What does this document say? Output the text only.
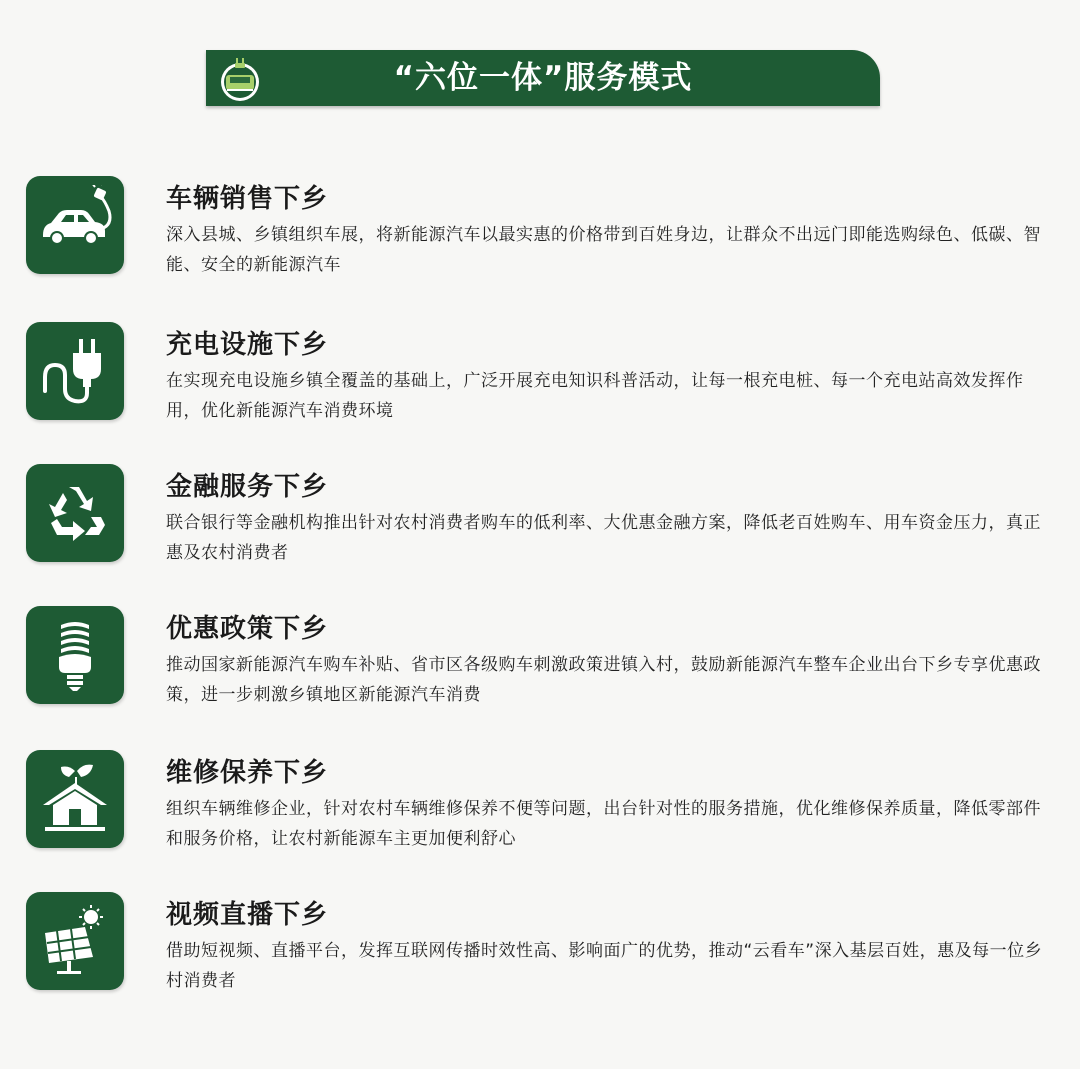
“六位一体”服务模式
车辆销售下乡
深入县城、乡镇组织车展，将新能源汽车以最实惠的价格带到百姓身边，让群众不出远门即能选购绿色、低碳、智能、安全的新能源汽车
充电设施下乡
在实现充电设施乡镇全覆盖的基础上，广泛开展充电知识科普活动，让每一根充电桩、每一个充电站高效发挥作用，优化新能源汽车消费环境
金融服务下乡
联合银行等金融机构推出针对农村消费者购车的低利率、大优惠金融方案，降低老百姓购车、用车资金压力，真正惠及农村消费者
优惠政策下乡
推动国家新能源汽车购车补贴、省市区各级购车刺激政策进镇入村，鼓励新能源汽车整车企业出台下乡专享优惠政策，进一步刺激乡镇地区新能源汽车消费
维修保养下乡
组织车辆维修企业，针对农村车辆维修保养不便等问题，出台针对性的服务措施，优化维修保养质量，降低零部件和服务价格，让农村新能源车主更加便利舒心
视频直播下乡
借助短视频、直播平台，发挥互联网传播时效性高、影响面广的优势，推动“云看车”深入基层百姓，惠及每一位乡村消费者
